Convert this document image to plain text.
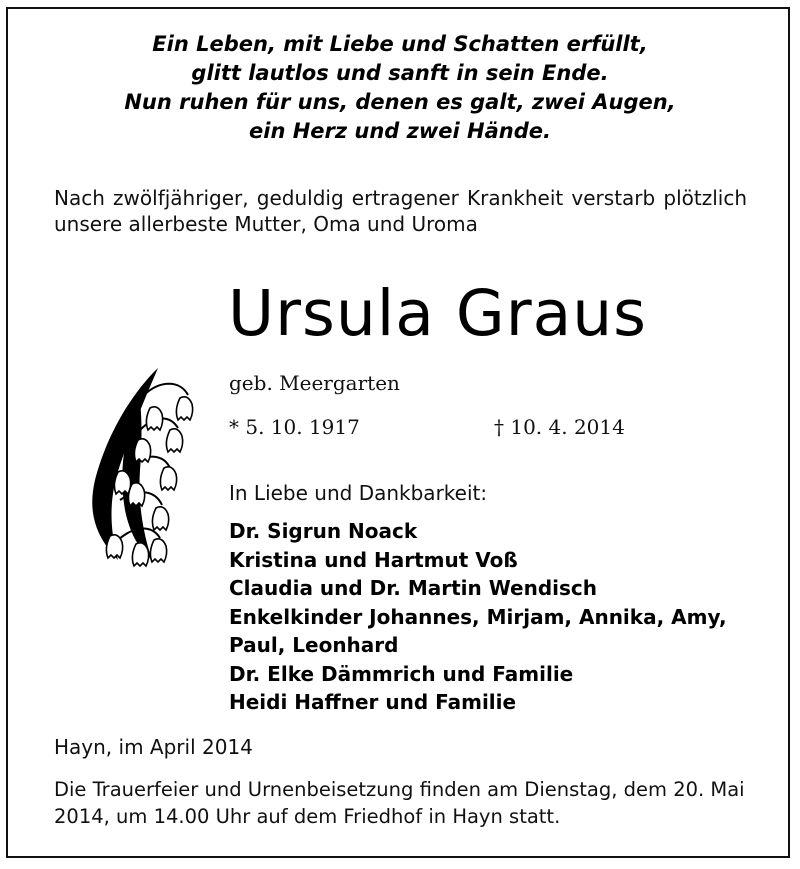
Ein Leben, mit Liebe und Schatten erfüllt,
glitt lautlos und sanft in sein Ende.
Nun ruhen für uns, denen es galt, zwei Augen,
ein Herz und zwei Hände.
Nach zwölfjähriger, geduldig ertragener Krankheit verstarb plötzlich unsere allerbeste Mutter, Oma und Uroma
Ursula Graus
geb. Meergarten
* 5. 10. 1917	† 10. 4. 2014
In Liebe und Dankbarkeit:
Dr. Sigrun Noack
Kristina und Hartmut Voß
Claudia und Dr. Martin Wendisch
Enkelkinder Johannes, Mirjam, Annika, Amy,
Paul, Leonhard
Dr. Elke Dämmrich und Familie
Heidi Haffner und Familie
Hayn, im April 2014
Die Trauerfeier und Urnenbeisetzung finden am Dienstag, dem 20. Mai 2014, um 14.00 Uhr auf dem Friedhof in Hayn statt.
